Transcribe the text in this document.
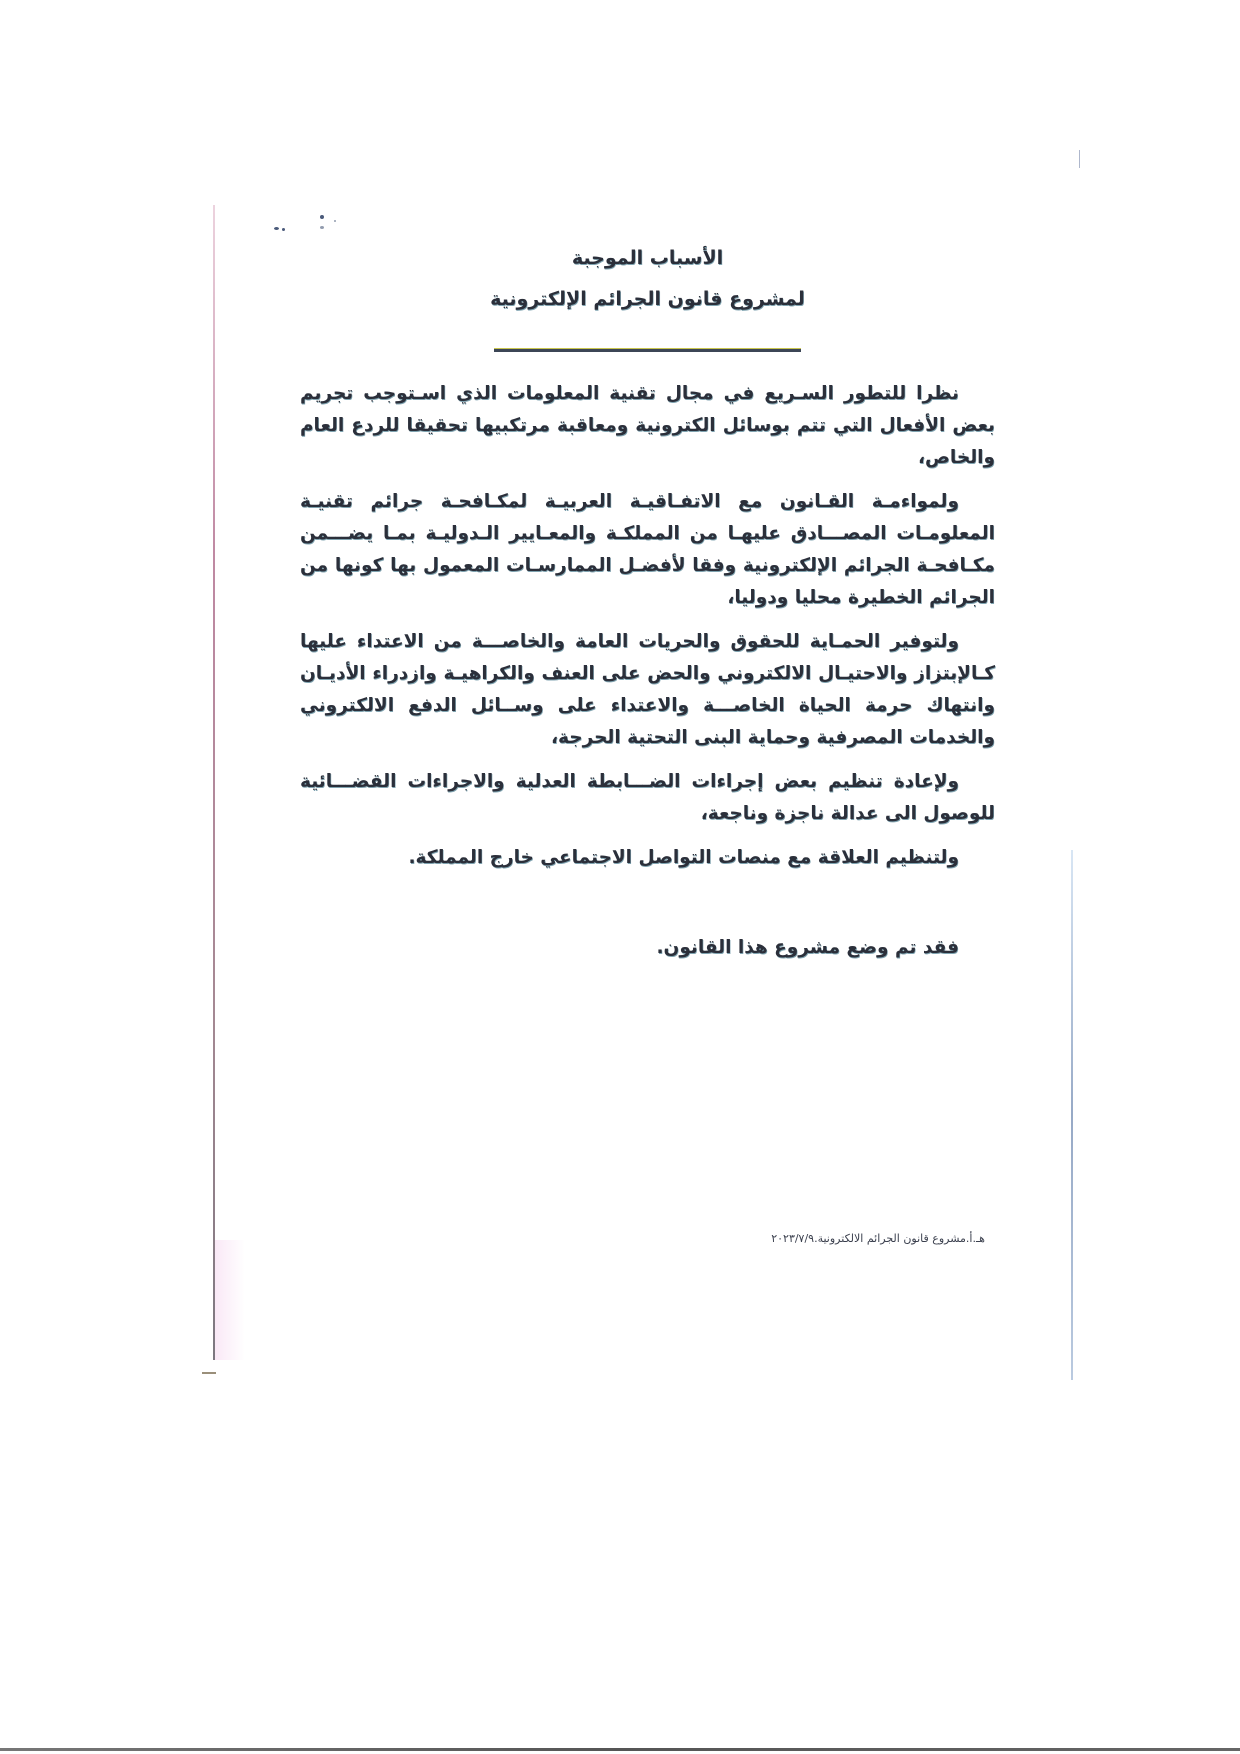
الأسباب الموجبة

لمشروع قانون الجرائم الإلكترونية

نظرا للتطور السـريع في مجال تقنية المعلومات الذي اسـتوجب تجريم بعض الأفعال التي تتم بوسائل الكترونية ومعاقبة مرتكبيها تحقيقا للردع العام والخاص،

ولمواءمـة القـانون مع الاتفـاقيـة العربيـة لمكـافحـة جرائم تقنيـة المعلومـات المصـــادق عليهـا من المملكـة والمعـايير الـدوليـة بمـا يضـــمن مكـافحـة الجرائم الإلكترونية وفقا لأفضـل الممارسـات المعمول بها كونها من الجرائم الخطيرة محليا ودوليا،

ولتوفير الحمـاية للحقوق والحريات العامة والخاصـــة من الاعتداء عليها كـالإبتزاز والاحتيـال الالكتروني والحض على العنف والكراهيـة وازدراء الأديـان وانتهاك حرمة الحياة الخاصـــة والاعتداء على وســائل الدفع الالكتروني والخدمات المصرفية وحماية البنى التحتية الحرجة،

ولإعادة تنظيم بعض إجراءات الضـــابطة العدلية والاجراءات القضـــائية للوصول الى عدالة ناجزة وناجعة،

ولتنظيم العلاقة مع منصات التواصل الاجتماعي خارج المملكة.

فقد تم وضع مشروع هذا القانون.

هـ.أ.مشروع قانون الجرائم الالكترونية.٢٠٢٣/٧/٩
